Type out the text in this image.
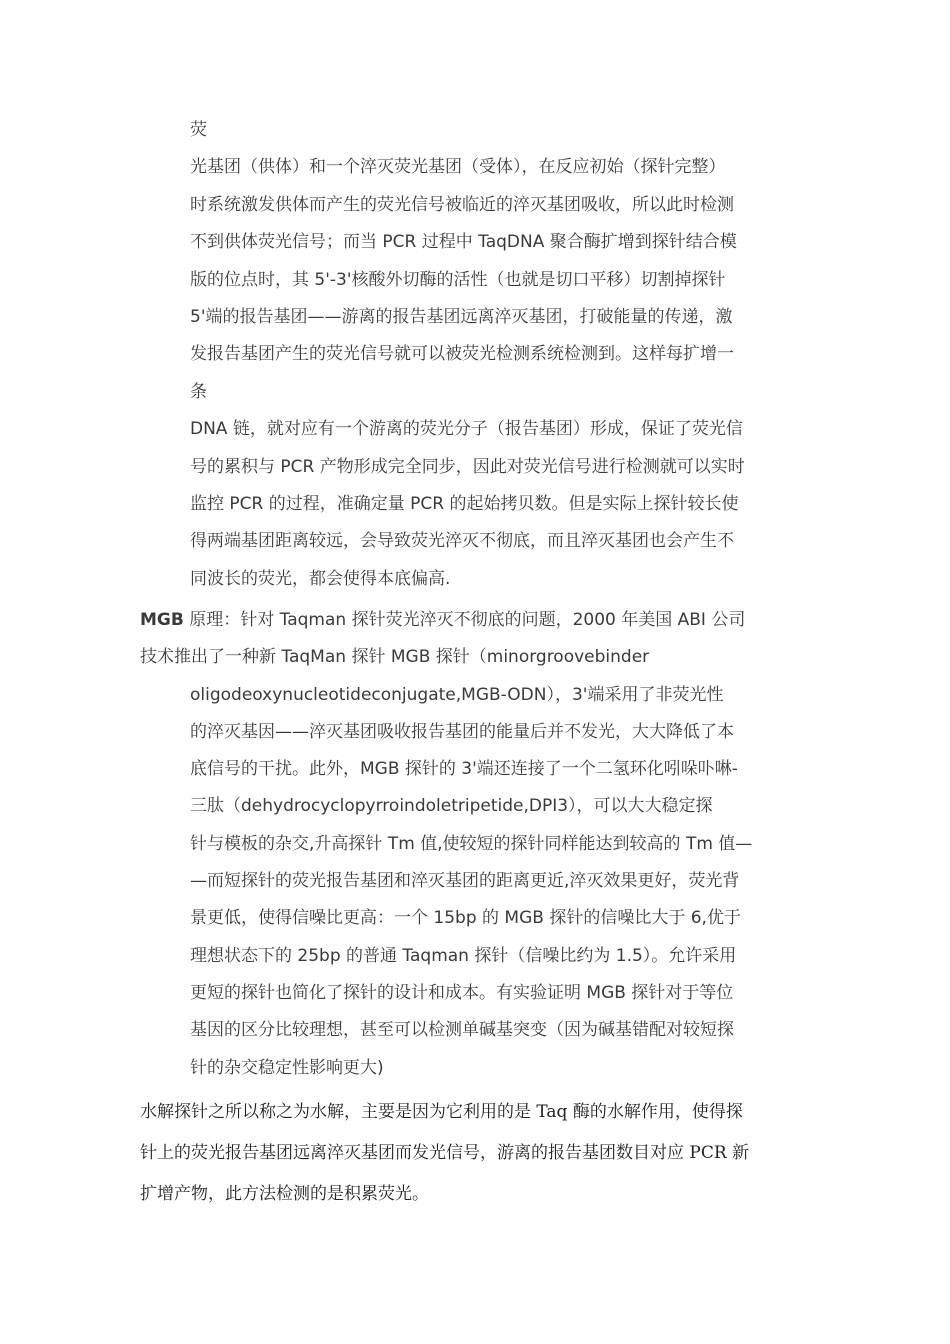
荧
光基团（供体）和一个淬灭荧光基团（受体），在反应初始（探针完整）
时系统激发供体而产生的荧光信号被临近的淬灭基团吸收，所以此时检测
不到供体荧光信号；而当 PCR 过程中 TaqDNA 聚合酶扩增到探针结合模
版的位点时，其 5'-3'核酸外切酶的活性（也就是切口平移）切割掉探针
5'端的报告基团——游离的报告基团远离淬灭基团，打破能量的传递，激
发报告基团产生的荧光信号就可以被荧光检测系统检测到。这样每扩增一
条
DNA 链，就对应有一个游离的荧光分子（报告基团）形成，保证了荧光信
号的累积与 PCR 产物形成完全同步，因此对荧光信号进行检测就可以实时
监控 PCR 的过程，准确定量 PCR 的起始拷贝数。但是实际上探针较长使
得两端基团距离较远，会导致荧光淬灭不彻底，而且淬灭基团也会产生不
同波长的荧光，都会使得本底偏高.
MGB 原理：针对 Taqman 探针荧光淬灭不彻底的问题，2000 年美国 ABI 公司
技术推出了一种新 TaqMan 探针 MGB 探针（minorgroovebinder
oligodeoxynucleotideconjugate,MGB-ODN），3'端采用了非荧光性
的淬灭基因——淬灭基团吸收报告基团的能量后并不发光，大大降低了本
底信号的干扰。此外，MGB 探针的 3'端还连接了一个二氢环化吲哚卟啉-
三肽（dehydrocyclopyrroindoletripetide,DPI3），可以大大稳定探
针与模板的杂交,升高探针 Tm 值,使较短的探针同样能达到较高的 Tm 值—
—而短探针的荧光报告基团和淬灭基团的距离更近,淬灭效果更好，荧光背
景更低，使得信噪比更高：一个 15bp 的 MGB 探针的信噪比大于 6,优于
理想状态下的 25bp 的普通 Taqman 探针（信噪比约为 1.5）。允许采用
更短的探针也简化了探针的设计和成本。有实验证明 MGB 探针对于等位
基因的区分比较理想，甚至可以检测单碱基突变（因为碱基错配对较短探
针的杂交稳定性影响更大)
水解探针之所以称之为水解，主要是因为它利用的是 Taq 酶的水解作用，使得探
针上的荧光报告基团远离淬灭基团而发光信号，游离的报告基团数目对应 PCR 新
扩增产物，此方法检测的是积累荧光。
